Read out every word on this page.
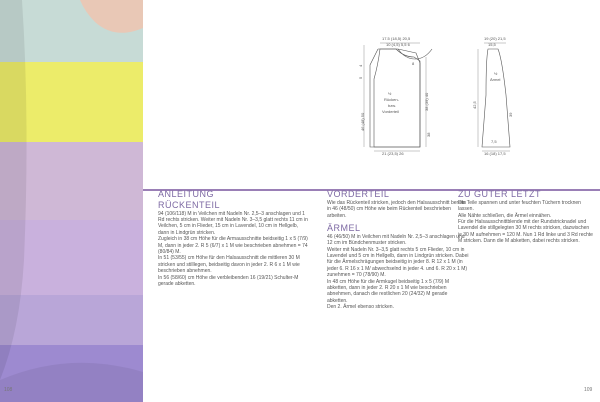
17.5 (18,5) 20,5
10 (4,5) 5,5 6
4
5
46 (48) 50
8
½
Rücken-
bzw.
Vorderteil
38 (39) 40
38
21 (23,5) 26
19 (20) 21,5
15,5
½
Ärmel
42,5
39
7,5
16 (18) 17,5
ANLEITUNG
RÜCKENTEIL

94 (106/118) M in Veilchen mit Nadeln Nr. 2,5–3 anschlagen und 1 Rd rechts stricken. Weiter mit Nadeln Nr. 3–3,5 glatt rechts 11 cm in Veilchen, 5 cm in Flieder, 15 cm in Lavendel, 10 cm in Hellgelb, dann in Lindgrün stricken.
Zugleich in 38 cm Höhe für die Armausschnitte beidseitig 1 x 5 (7/9) M, dann in jeder 2. R 5 (6/7) x 1 M wie beschrieben abnehmen = 74 (80/84) M.
In 51 (53/55) cm Höhe für den Halsausschnitt die mittleren 30 M stricken und stilllegen, beidseitig davon in jeder 2. R 6 x 1 M wie beschrieben abnehmen.
In 56 (58/60) cm Höhe die verbleibenden 16 (19/21) Schulter-M gerade abketten.

VORDERTEIL

Wie das Rückenteil stricken, jedoch den Halsausschnitt bereits in 46 (48/50) cm Höhe wie beim Rückenteil beschrieben arbeiten.

ÄRMEL

46 (46/50) M in Veilchen mit Nadeln Nr. 2,5–3 anschlagen und 12 cm im Bündchenmuster stricken.
Weiter mit Nadeln Nr. 3–3,5 glatt rechts 5 cm Flieder, 10 cm in Lavendel und 5 cm in Hellgelb, dann in Lindgrün stricken. Dabei für die Ärmelschrägungen beidseitig in jeder 8. R 12 x 1 M (in jeder 6. R 16 x 1 M/ abwechselnd in jeder 4. und 6. R 20 x 1 M) zunehmen = 70 (78/90) M.
In 48 cm Höhe für die Armkugel beidseitig 1 x 5 (7/9) M abketten, dann in jeder 2. R 20 x 1 M wie beschrieben abnehmen, danach die restlichen 20 (24/32) M gerade abketten.
Den 2. Ärmel ebenso stricken.

ZU GUTER LETZT

Die Teile spannen und unter feuchten Tüchern trocknen lassen.
Alle Nähte schließen, die Ärmel einnähen.
Für die Halsausschnittblende mit der Rundstricknadel und Lavendel die stillgelegten 30 M rechts stricken, dazwischen je 30 M aufnehmen = 120 M. Nun 1 Rd linke und 3 Rd rechte M stricken. Dann die M abketten, dabei rechts stricken.

108	109
